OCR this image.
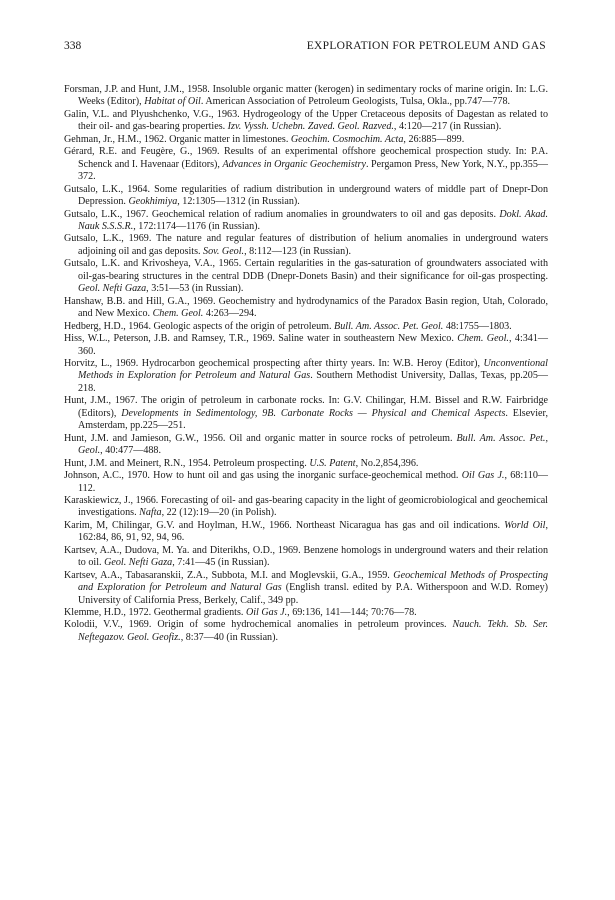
338	EXPLORATION FOR PETROLEUM AND GAS
Forsman, J.P. and Hunt, J.M., 1958. Insoluble organic matter (kerogen) in sedimentary rocks of marine origin. In: L.G. Weeks (Editor), Habitat of Oil. American Association of Petroleum Geologists, Tulsa, Okla., pp.747—778.
Galin, V.L. and Plyushchenko, V.G., 1963. Hydrogeology of the Upper Cretaceous deposits of Dagestan as related to their oil- and gas-bearing properties. Izv. Vyssh. Uchebn. Zaved. Geol. Razved., 4:120—217 (in Russian).
Gehman, Jr., H.M., 1962. Organic matter in limestones. Geochim. Cosmochim. Acta, 26:885—899.
Gérard, R.E. and Feugère, G., 1969. Results of an experimental offshore geochemical prospection study. In: P.A. Schenck and I. Havenaar (Editors), Advances in Organic Geochemistry. Pergamon Press, New York, N.Y., pp.355—372.
Gutsalo, L.K., 1964. Some regularities of radium distribution in underground waters of middle part of Dnepr-Don Depression. Geokhimiya, 12:1305—1312 (in Russian).
Gutsalo, L.K., 1967. Geochemical relation of radium anomalies in groundwaters to oil and gas deposits. Dokl. Akad. Nauk S.S.S.R., 172:1174—1176 (in Russian).
Gutsalo, L.K., 1969. The nature and regular features of distribution of helium anomalies in underground waters adjoining oil and gas deposits. Sov. Geol., 8:112—123 (in Russian).
Gutsalo, L.K. and Krivosheya, V.A., 1965. Certain regularities in the gas-saturation of groundwaters associated with oil-gas-bearing structures in the central DDB (Dnepr-Donets Basin) and their significance for oil-gas prospecting. Geol. Nefti Gaza, 3:51—53 (in Russian).
Hanshaw, B.B. and Hill, G.A., 1969. Geochemistry and hydrodynamics of the Paradox Basin region, Utah, Colorado, and New Mexico. Chem. Geol. 4:263—294.
Hedberg, H.D., 1964. Geologic aspects of the origin of petroleum. Bull. Am. Assoc. Pet. Geol. 48:1755—1803.
Hiss, W.L., Peterson, J.B. and Ramsey, T.R., 1969. Saline water in southeastern New Mexico. Chem. Geol., 4:341—360.
Horvitz, L., 1969. Hydrocarbon geochemical prospecting after thirty years. In: W.B. Heroy (Editor), Unconventional Methods in Exploration for Petroleum and Natural Gas. Southern Methodist University, Dallas, Texas, pp.205—218.
Hunt, J.M., 1967. The origin of petroleum in carbonate rocks. In: G.V. Chilingar, H.M. Bissel and R.W. Fairbridge (Editors), Developments in Sedimentology, 9B. Carbonate Rocks — Physical and Chemical Aspects. Elsevier, Amsterdam, pp.225—251.
Hunt, J.M. and Jamieson, G.W., 1956. Oil and organic matter in source rocks of petroleum. Bull. Am. Assoc. Pet., Geol., 40:477—488.
Hunt, J.M. and Meinert, R.N., 1954. Petroleum prospecting. U.S. Patent, No.2,854,396.
Johnson, A.C., 1970. How to hunt oil and gas using the inorganic surface-geochemical method. Oil Gas J., 68:110—112.
Karaskiewicz, J., 1966. Forecasting of oil- and gas-bearing capacity in the light of geomicrobiological and geochemical investigations. Nafta, 22 (12):19—20 (in Polish).
Karim, M, Chilingar, G.V. and Hoylman, H.W., 1966. Northeast Nicaragua has gas and oil indications. World Oil, 162:84, 86, 91, 92, 94, 96.
Kartsev, A.A., Dudova, M. Ya. and Diterikhs, O.D., 1969. Benzene homologs in underground waters and their relation to oil. Geol. Nefti Gaza, 7:41—45 (in Russian).
Kartsev, A.A., Tabasaranskii, Z.A., Subbota, M.I. and Moglevskii, G.A., 1959. Geochemical Methods of Prospecting and Exploration for Petroleum and Natural Gas (English transl. edited by P.A. Witherspoon and W.D. Romey) University of California Press, Berkely, Calif., 349 pp.
Klemme, H.D., 1972. Geothermal gradients. Oil Gas J., 69:136, 141—144; 70:76—78.
Kolodii, V.V., 1969. Origin of some hydrochemical anomalies in petroleum provinces. Nauch. Tekh. Sb. Ser. Neftegazov. Geol. Geofiz., 8:37—40 (in Russian).
